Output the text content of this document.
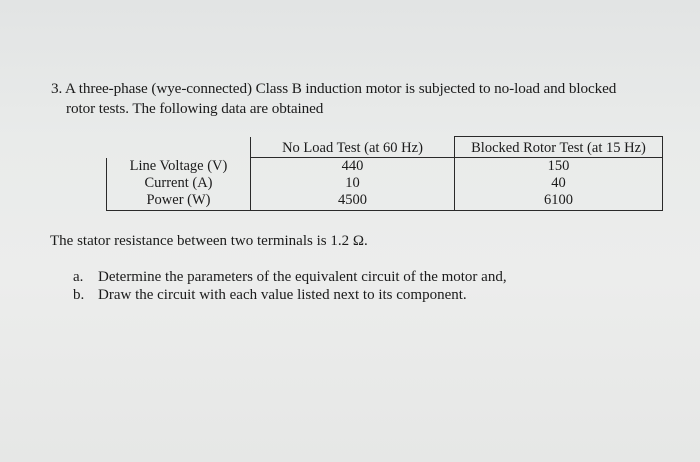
3. A three-phase (wye-connected) Class B induction motor is subjected to no-load and blocked
rotor tests. The following data are obtained
	No Load Test (at 60 Hz)	Blocked Rotor Test (at 15 Hz)
Line Voltage (V)	440	150
Current (A)	10	40
Power (W)	4500	6100
The stator resistance between two terminals is 1.2 Ω.
a. Determine the parameters of the equivalent circuit of the motor and,
b. Draw the circuit with each value listed next to its component.
